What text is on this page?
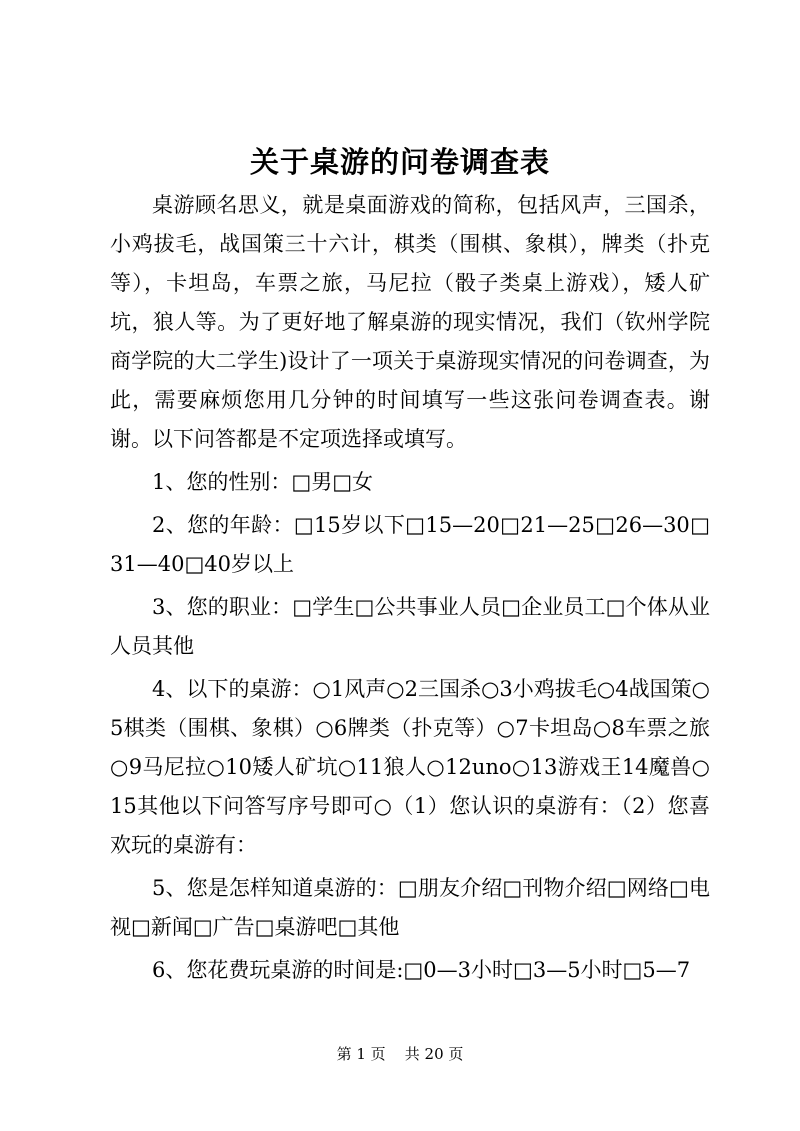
关于桌游的问卷调查表

桌游顾名思义，就是桌面游戏的简称，包括风声，三国杀，小鸡拔毛，战国策三十六计，棋类（围棋、象棋），牌类（扑克等），卡坦岛，车票之旅，马尼拉（骰子类桌上游戏），矮人矿坑，狼人等。为了更好地了解桌游的现实情况，我们（钦州学院商学院的大二学生)设计了一项关于桌游现实情况的问卷调查，为此，需要麻烦您用几分钟的时间填写一些这张问卷调查表。谢谢。以下问答都是不定项选择或填写。

1、您的性别：□男□女

2、您的年龄：□15岁以下□15—20□21—25□26—30□31—40□40岁以上

3、您的职业：□学生□公共事业人员□企业员工□个体从业人员其他

4、以下的桌游：○1风声○2三国杀○3小鸡拔毛○4战国策○5棋类（围棋、象棋）○6牌类（扑克等）○7卡坦岛○8车票之旅○9马尼拉○10矮人矿坑○11狼人○12uno○13游戏王14魔兽○15其他以下问答写序号即可○（1）您认识的桌游有：（2）您喜欢玩的桌游有：

5、您是怎样知道桌游的：□朋友介绍□刊物介绍□网络□电视□新闻□广告□桌游吧□其他

6、您花费玩桌游的时间是:□0—3小时□3—5小时□5—7

第 1 页 共 20 页
